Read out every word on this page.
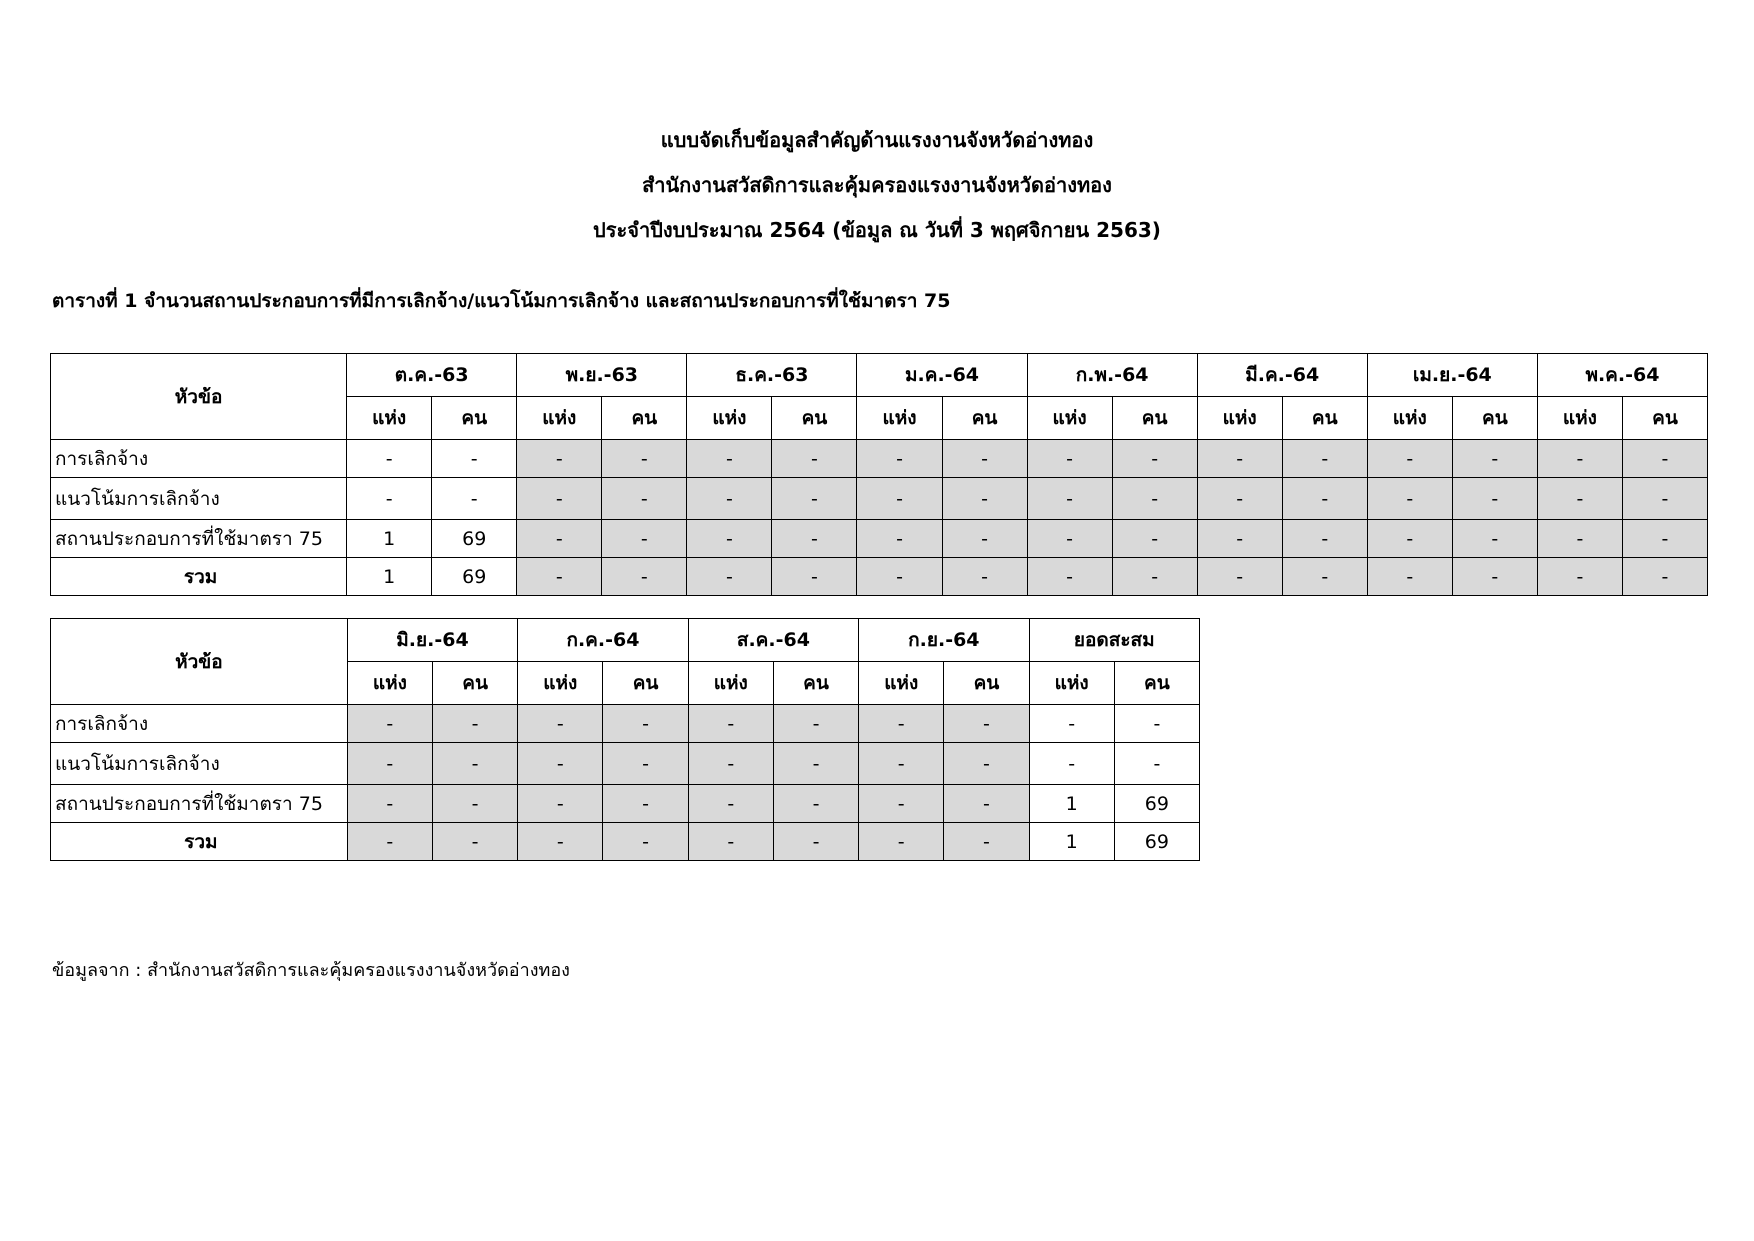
แบบจัดเก็บข้อมูลสำคัญด้านแรงงานจังหวัดอ่างทอง
สำนักงานสวัสดิการและคุ้มครองแรงงานจังหวัดอ่างทอง
ประจำปีงบประมาณ 2564 (ข้อมูล ณ วันที่ 3 พฤศจิกายน 2563)
ตารางที่ 1 จำนวนสถานประกอบการที่มีการเลิกจ้าง/แนวโน้มการเลิกจ้าง และสถานประกอบการที่ใช้มาตรา 75
หัวข้อ	ต.ค.-63		พ.ย.-63		ธ.ค.-63		ม.ค.-64		ก.พ.-64		มี.ค.-64		เม.ย.-64		พ.ค.-64	
	แห่ง	คน	แห่ง	คน	แห่ง	คน	แห่ง	คน	แห่ง	คน	แห่ง	คน	แห่ง	คน	แห่ง	คน
การเลิกจ้าง	-	-	-	-	-	-	-	-	-	-	-	-	-	-	-	-
แนวโน้มการเลิกจ้าง	-	-	-	-	-	-	-	-	-	-	-	-	-	-	-	-
สถานประกอบการที่ใช้มาตรา 75	1	69	-	-	-	-	-	-	-	-	-	-	-	-	-	-
รวม	1	69	-	-	-	-	-	-	-	-	-	-	-	-	-	-
หัวข้อ	มิ.ย.-64		ก.ค.-64		ส.ค.-64		ก.ย.-64		ยอดสะสม	
	แห่ง	คน	แห่ง	คน	แห่ง	คน	แห่ง	คน	แห่ง	คน
การเลิกจ้าง	-	-	-	-	-	-	-	-	-	-
แนวโน้มการเลิกจ้าง	-	-	-	-	-	-	-	-	-	-
สถานประกอบการที่ใช้มาตรา 75	-	-	-	-	-	-	-	-	1	69
รวม	-	-	-	-	-	-	-	-	1	69
ข้อมูลจาก : สำนักงานสวัสดิการและคุ้มครองแรงงานจังหวัดอ่างทอง
